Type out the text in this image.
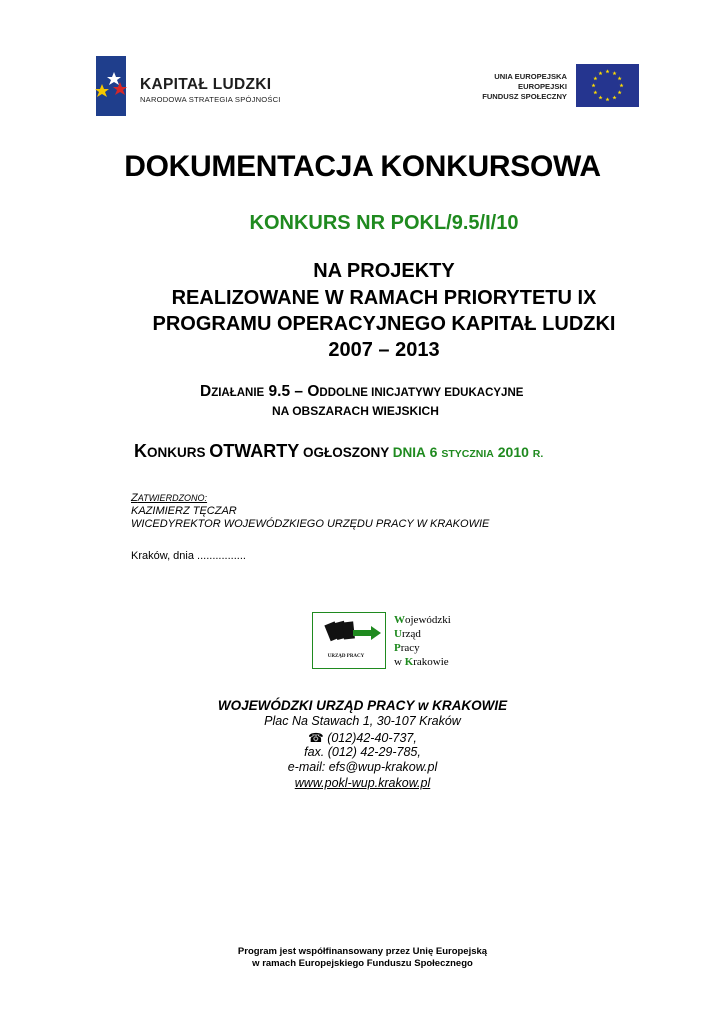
KAPITAŁ LUDZKI
NARODOWA STRATEGIA SPÓJNOŚCI
UNIA EUROPEJSKA
EUROPEJSKI
FUNDUSZ SPOŁECZNY
DOKUMENTACJA KONKURSOWA
KONKURS NR POKL/9.5/I/10
NA PROJEKTY
REALIZOWANE W RAMACH PRIORYTETU IX
PROGRAMU OPERACYJNEGO KAPITAŁ LUDZKI
2007 – 2013
DZIAŁANIE 9.5 – ODDOLNE INICJATYWY EDUKACYJNE
NA OBSZARACH WIEJSKICH
KONKURS OTWARTY OGŁOSZONY DNIA 6 STYCZNIA 2010 R.
ZATWIERDZONO:
KAZIMIERZ TĘCZAR
WICEDYREKTOR WOJEWÓDZKIEGO URZĘDU PRACY W KRAKOWIE
Kraków, dnia ................
URZĄD PRACY
Wojewódzki
Urząd
Pracy
w Krakowie
WOJEWÓDZKI URZĄD PRACY w KRAKOWIE
Plac Na Stawach 1, 30-107 Kraków
☎ (012)42-40-737,
fax. (012) 42-29-785,
e-mail: efs@wup-krakow.pl
www.pokl-wup.krakow.pl
Program jest współfinansowany przez Unię Europejską
w ramach Europejskiego Funduszu Społecznego
